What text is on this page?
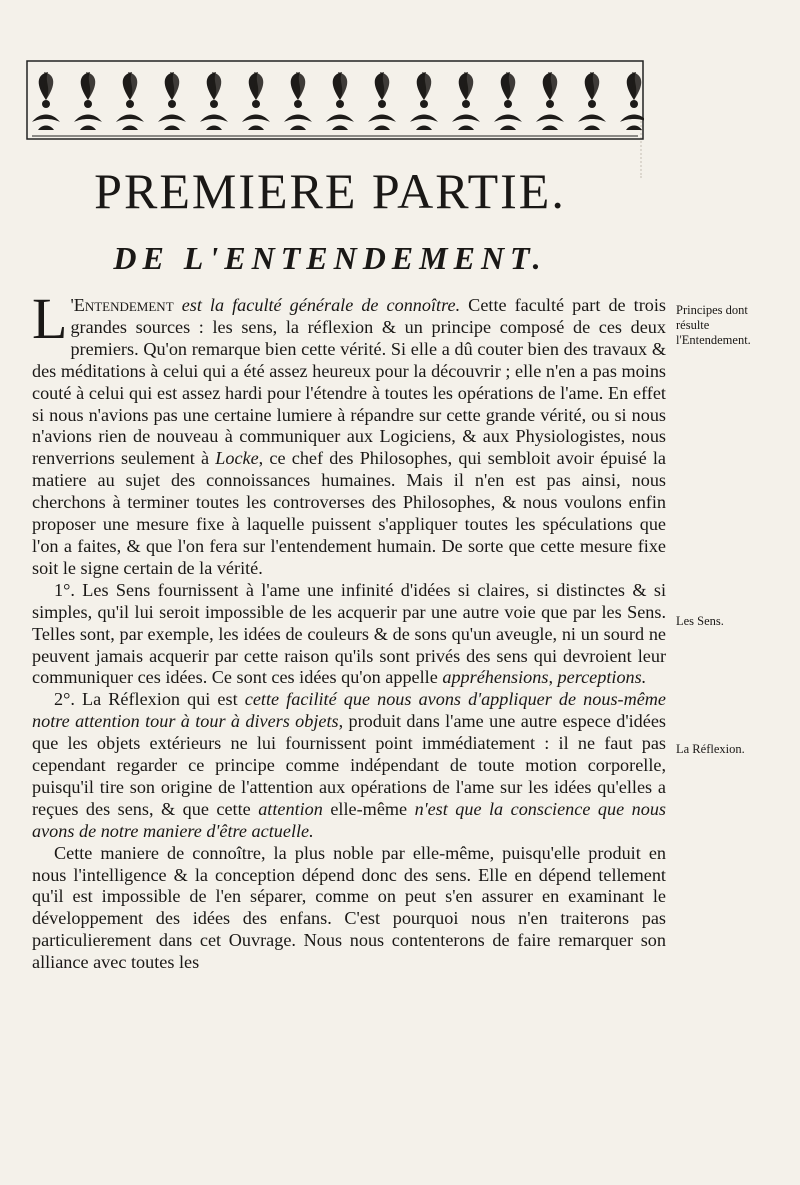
PREMIERE PARTIE.
DE L'ENTENDEMENT.

L 'Entendement est la faculté générale de connoître. Cette faculté part de trois grandes sources : les sens, la réflexion & un principe composé de ces deux premiers. Qu'on remarque bien cette vérité. Si elle a dû couter bien des travaux & des méditations à celui qui a été assez heureux pour la découvrir ; elle n'en a pas moins couté à celui qui est assez hardi pour l'étendre à toutes les opérations de l'ame. En effet si nous n'avions pas une certaine lumiere à répandre sur cette grande vérité, ou si nous n'avions rien de nouveau à communiquer aux Logiciens, & aux Physiologistes, nous renverrions seulement à Locke, ce chef des Philosophes, qui sembloit avoir épuisé la matiere au sujet des connoissances humaines. Mais il n'en est pas ainsi, nous cherchons à terminer toutes les controverses des Philosophes, & nous voulons enfin proposer une mesure fixe à laquelle puissent s'appliquer toutes les spéculations que l'on a faites, & que l'on fera sur l'entendement humain. De sorte que cette mesure fixe soit le signe certain de la vérité.

1°. Les Sens fournissent à l'ame une infinité d'idées si claires, si distinctes & si simples, qu'il lui seroit impossible de les acquerir par une autre voie que par les Sens. Telles sont, par exemple, les idées de couleurs & de sons qu'un aveugle, ni un sourd ne peuvent jamais acquerir par cette raison qu'ils sont privés des sens qui devroient leur communiquer ces idées. Ce sont ces idées qu'on appelle appréhensions, perceptions.

2°. La Réflexion qui est cette facilité que nous avons d'appliquer de nous-même notre attention tour à tour à divers objets, produit dans l'ame une autre espece d'idées que les objets extérieurs ne lui fournissent point immédiatement : il ne faut pas cependant regarder ce principe comme indépendant de toute motion corporelle, puisqu'il tire son origine de l'attention aux opérations de l'ame sur les idées qu'elles a reçues des sens, & que cette attention elle-même n'est que la conscience que nous avons de notre maniere d'être actuelle.

Cette maniere de connoître, la plus noble par elle-même, puisqu'elle produit en nous l'intelligence & la conception dépend donc des sens. Elle en dépend tellement qu'il est impossible de l'en séparer, comme on peut s'en assurer en examinant le développement des idées des enfans. C'est pourquoi nous n'en traiterons pas particulierement dans cet Ouvrage. Nous nous contenterons de faire remarquer son alliance avec toutes les

Principes dont résulte l'Entendement.
Les Sens.
La Réflexion.
